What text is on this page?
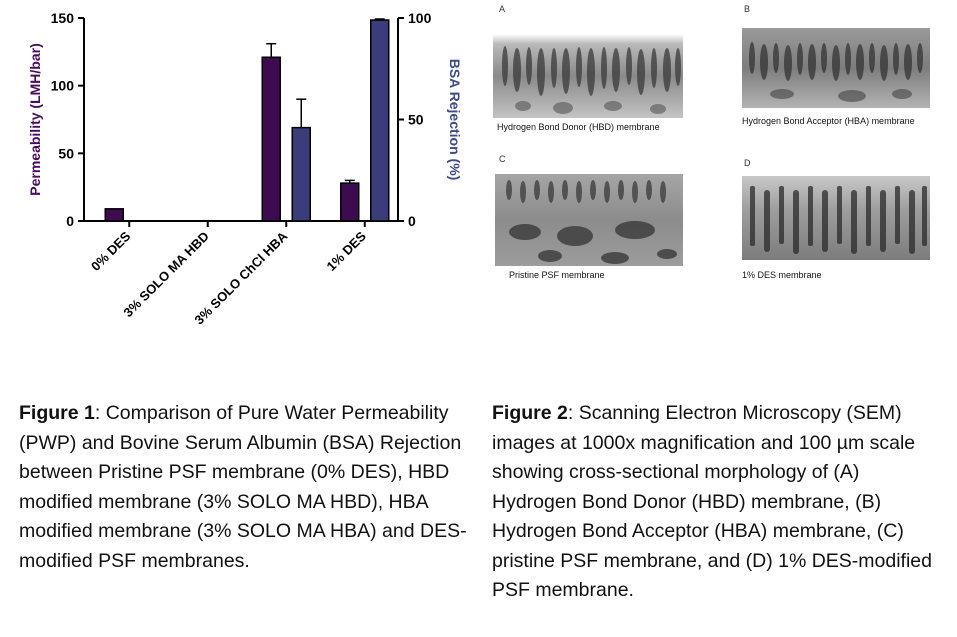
0
50
100
150
0
50
100
Permeability (LMH/bar)	BSA Rejection (%)
0% DES
3% SOLO MA HBD
3% SOLO ChCl HBA	1% DES
A
Hydrogen Bond Donor (HBD) membrane
B
Hydrogen Bond Acceptor (HBA) membrane
C
Pristine PSF membrane
D
1% DES membrane
Figure 1: Comparison of Pure Water Permeability (PWP) and Bovine Serum Albumin (BSA) Rejection between Pristine PSF membrane (0% DES), HBD modified membrane (3% SOLO MA HBD), HBA modified membrane (3% SOLO MA HBA) and DES-modified PSF membranes.
Figure 2: Scanning Electron Microscopy (SEM) images at 1000x magnification and 100 µm scale showing cross-sectional morphology of (A) Hydrogen Bond Donor (HBD) membrane, (B) Hydrogen Bond Acceptor (HBA) membrane, (C) pristine PSF membrane, and (D) 1% DES-modified PSF membrane.
